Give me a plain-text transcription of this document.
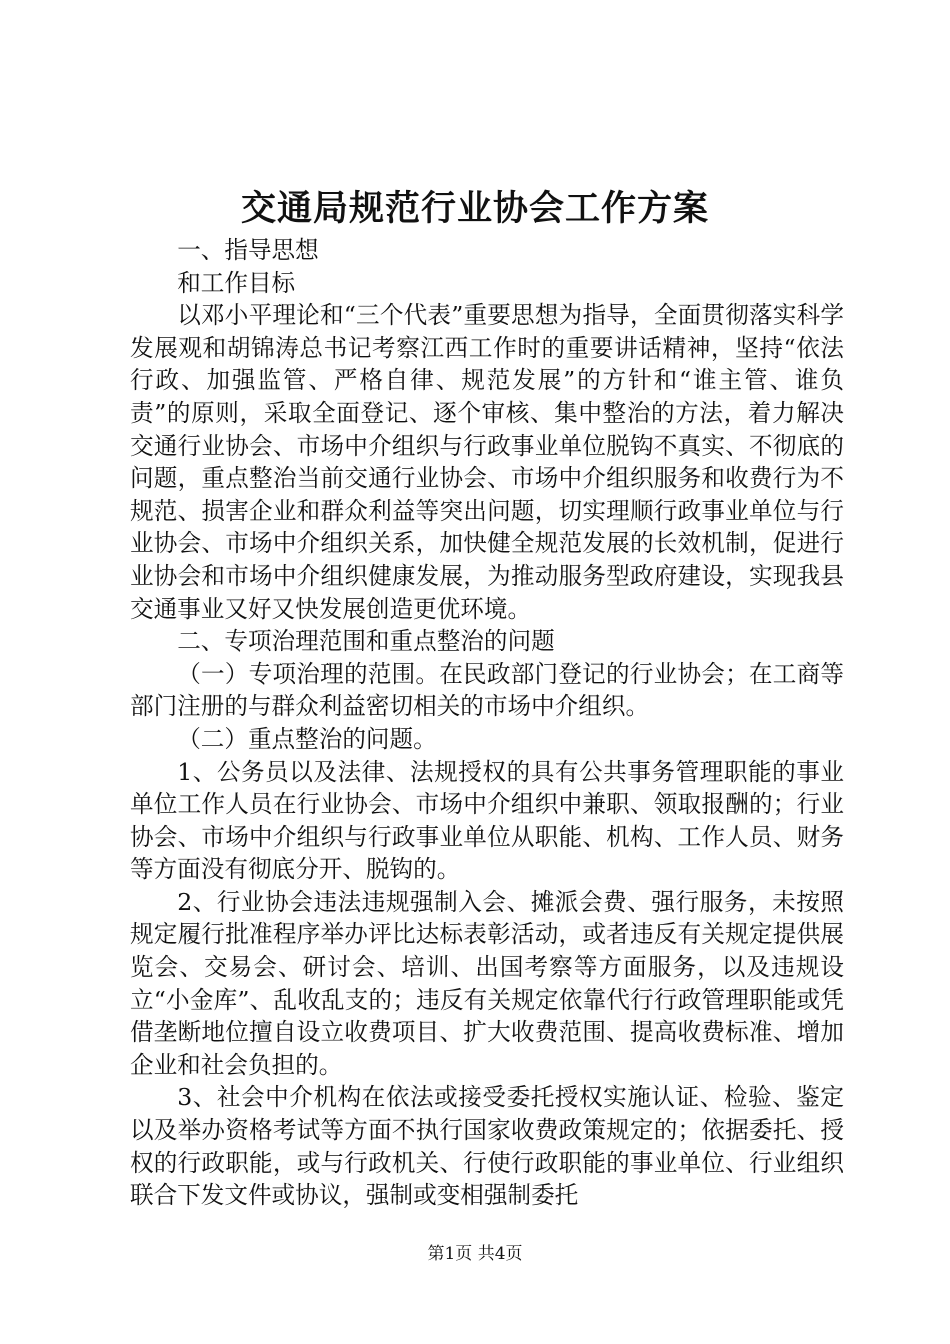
交通局规范行业协会工作方案

一、指导思想

和工作目标

以邓小平理论和“三个代表”重要思想为指导，全面贯彻落实科学发展观和胡锦涛总书记考察江西工作时的重要讲话精神，坚持“依法行政、加强监管、严格自律、规范发展”的方针和“谁主管、谁负责”的原则，采取全面登记、逐个审核、集中整治的方法，着力解决交通行业协会、市场中介组织与行政事业单位脱钩不真实、不彻底的问题，重点整治当前交通行业协会、市场中介组织服务和收费行为不规范、损害企业和群众利益等突出问题，切实理顺行政事业单位与行业协会、市场中介组织关系，加快健全规范发展的长效机制，促进行业协会和市场中介组织健康发展，为推动服务型政府建设，实现我县交通事业又好又快发展创造更优环境。

二、专项治理范围和重点整治的问题

（一）专项治理的范围。在民政部门登记的行业协会；在工商等部门注册的与群众利益密切相关的市场中介组织。

（二）重点整治的问题。

1、公务员以及法律、法规授权的具有公共事务管理职能的事业单位工作人员在行业协会、市场中介组织中兼职、领取报酬的；行业协会、市场中介组织与行政事业单位从职能、机构、工作人员、财务等方面没有彻底分开、脱钩的。

2、行业协会违法违规强制入会、摊派会费、强行服务，未按照规定履行批准程序举办评比达标表彰活动，或者违反有关规定提供展览会、交易会、研讨会、培训、出国考察等方面服务，以及违规设立“小金库”、乱收乱支的；违反有关规定依靠代行行政管理职能或凭借垄断地位擅自设立收费项目、扩大收费范围、提高收费标准、增加企业和社会负担的。

3、社会中介机构在依法或接受委托授权实施认证、检验、鉴定以及举办资格考试等方面不执行国家收费政策规定的；依据委托、授权的行政职能，或与行政机关、行使行政职能的事业单位、行业组织联合下发文件或协议，强制或变相强制委托

第1页 共4页
